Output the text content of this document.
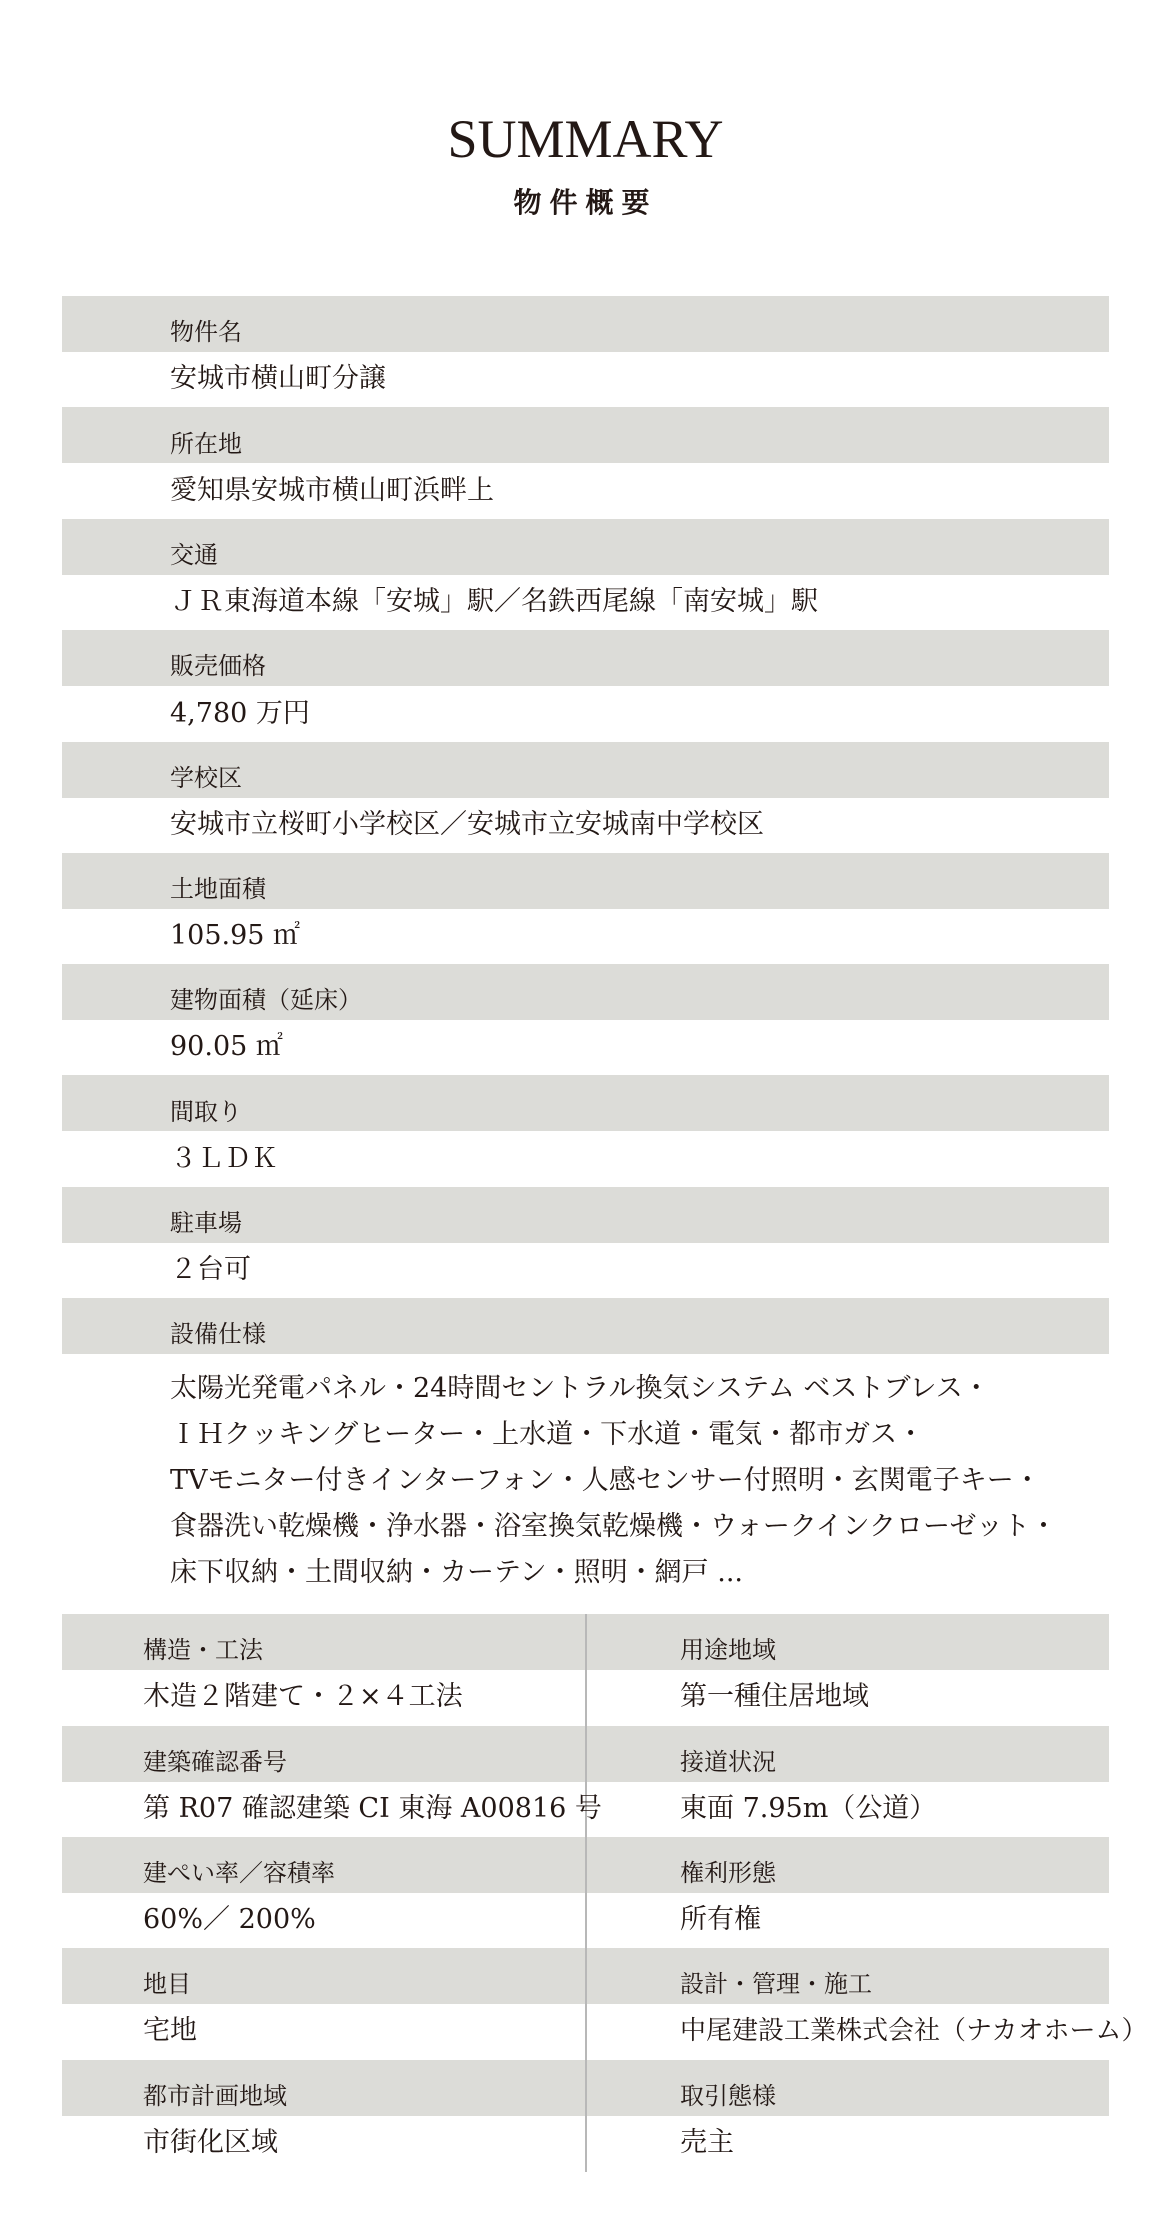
SUMMARY
物件概要
物件名
安城市横山町分譲
所在地
愛知県安城市横山町浜畔上
交通
ＪＲ東海道本線「安城」駅／名鉄西尾線「南安城」駅
販売価格
4,780 万円
学校区
安城市立桜町小学校区／安城市立安城南中学校区
土地面積
105.95 ㎡
建物面積（延床）
90.05 ㎡
間取り
３ＬＤＫ
駐車場
２台可
設備仕様
太陽光発電パネル・24時間セントラル換気システム ベストブレス・
ＩＨクッキングヒーター・上水道・下水道・電気・都市ガス・
TVモニター付きインターフォン・人感センサー付照明・玄関電子キー・
食器洗い乾燥機・浄水器・浴室換気乾燥機・ウォークインクローゼット・
床下収納・土間収納・カーテン・照明・網戸 ...
構造・工法
木造２階建て・２×４工法
建築確認番号
第 R07 確認建築 CI 東海 A00816 号
建ぺい率／容積率
60%／ 200%
地目
宅地
都市計画地域
市街化区域
用途地域
第一種住居地域
接道状況
東面 7.95m（公道）
権利形態
所有権
設計・管理・施工
中尾建設工業株式会社（ナカオホーム）
取引態様
売主
